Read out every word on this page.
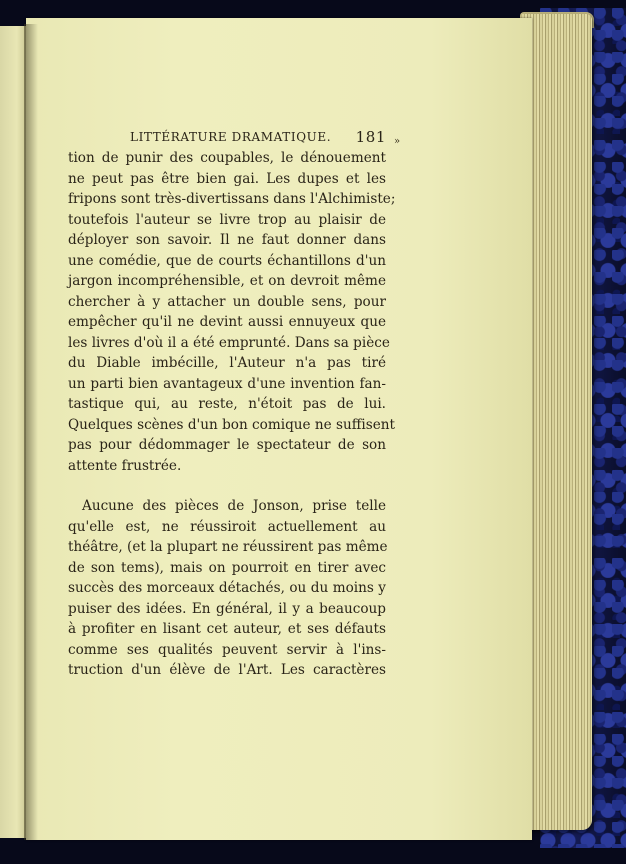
»
LITTÉRATURE DRAMATIQUE. 181
tion de punir des coupables, le dénouement
ne peut pas être bien gai. Les dupes et les
fripons sont très-divertissans dans l'Alchimiste;
toutefois l'auteur se livre trop au plaisir de
déployer son savoir. Il ne faut donner dans
une comédie, que de courts échantillons d'un
jargon incompréhensible, et on devroit même
chercher à y attacher un double sens, pour
empêcher qu'il ne devint aussi ennuyeux que
les livres d'où il a été emprunté. Dans sa pièce
du Diable imbécille, l'Auteur n'a pas tiré
un parti bien avantageux d'une invention fan-
tastique qui, au reste, n'étoit pas de lui.
Quelques scènes d'un bon comique ne suffisent
pas pour dédommager le spectateur de son
attente frustrée.
Aucune des pièces de Jonson, prise telle
qu'elle est, ne réussiroit actuellement au
théâtre, (et la plupart ne réussirent pas même
de son tems), mais on pourroit en tirer avec
succès des morceaux détachés, ou du moins y
puiser des idées. En général, il y a beaucoup
à profiter en lisant cet auteur, et ses défauts
comme ses qualités peuvent servir à l'ins-
truction d'un élève de l'Art. Les caractères
